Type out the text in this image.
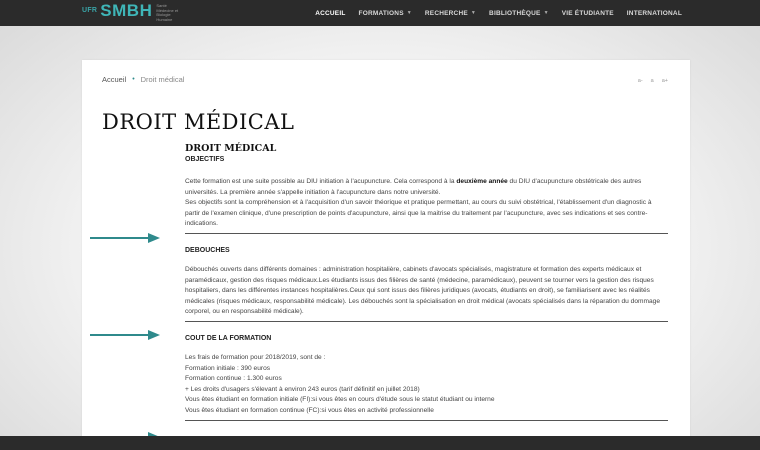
UFR SMBH Santé Médecine et Biologie Humaine
ACCUEIL FORMATIONS ▼ RECHERCHE ▼ BIBLIOTHÈQUE ▼ VIE ÉTUDIANTE INTERNATIONAL
Accueil • Droit médical	a- a a+
DROIT MÉDICAL
DROIT MÉDICAL
OBJECTIFS

Cette formation est une suite possible au DIU initiation à l'acupuncture. Cela correspond à la deuxième année du DIU d'acupuncture obstétricale des autres universités. La première année s'appelle initiation à l'acupuncture dans notre université.

Ses objectifs sont la compréhension et à l'acquisition d'un savoir théorique et pratique permettant, au cours du suivi obstétrical, l'établissement d'un diagnostic à partir de l'examen clinique, d'une prescription de points d'acupuncture, ainsi que la maitrise du traitement par l'acupuncture, avec ses indications et ses contre-indications.

DEBOUCHES

Débouchés ouverts dans différents domaines : administration hospitalière, cabinets d'avocats spécialisés, magistrature et formation des experts médicaux et paramédicaux, gestion des risques médicaux.Les étudiants issus des filières de santé (médecine, paramédicaux), peuvent se tourner vers la gestion des risques hospitaliers, dans les différentes instances hospitalières.Ceux qui sont issus des filières juridiques (avocats, étudiants en droit), se familiarisent avec les réalités médicales (risques médicaux, responsabilité médicale). Les débouchés sont la spécialisation en droit médical (avocats spécialisés dans la réparation du dommage corporel, ou en responsabilité médicale).

COUT DE LA FORMATION

Les frais de formation pour 2018/2019, sont de :

Formation initiale : 390 euros

Formation continue : 1.300 euros

+ Les droits d'usagers s'élevant à environ 243 euros (tarif définitif en juillet 2018)

Vous êtes étudiant en formation initiale (FI):si vous êtes en cours d'étude sous le statut étudiant ou interne

Vous êtes étudiant en formation continue (FC):si vous êtes en activité professionnelle
